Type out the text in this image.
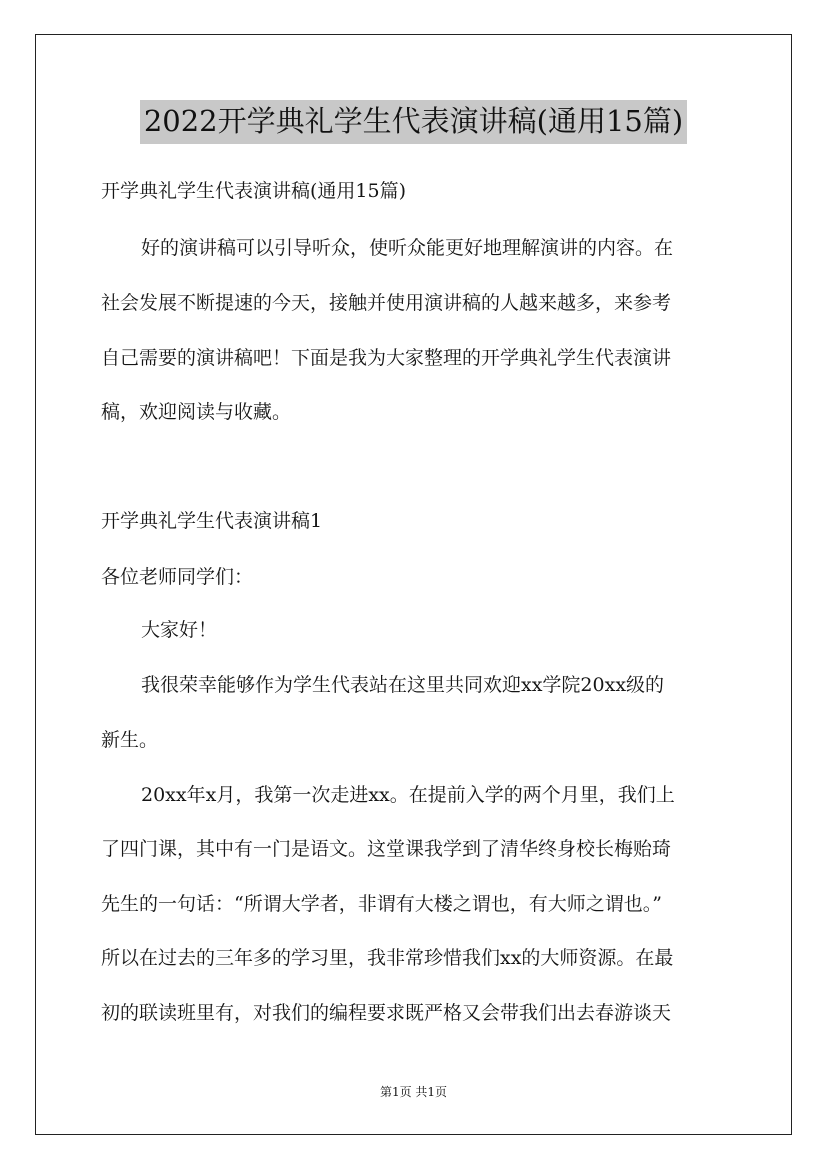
2022开学典礼学生代表演讲稿(通用15篇)
开学典礼学生代表演讲稿(通用15篇)
好的演讲稿可以引导听众，使听众能更好地理解演讲的内容。在
社会发展不断提速的今天，接触并使用演讲稿的人越来越多，来参考
自己需要的演讲稿吧！下面是我为大家整理的开学典礼学生代表演讲
稿，欢迎阅读与收藏。
开学典礼学生代表演讲稿1
各位老师同学们：
大家好！
我很荣幸能够作为学生代表站在这里共同欢迎xx学院20xx级的
新生。
20xx年x月，我第一次走进xx。在提前入学的两个月里，我们上
了四门课，其中有一门是语文。这堂课我学到了清华终身校长梅贻琦
先生的一句话：“所谓大学者，非谓有大楼之谓也，有大师之谓也。”
所以在过去的三年多的学习里，我非常珍惜我们xx的大师资源。在最
初的联读班里有，对我们的编程要求既严格又会带我们出去春游谈天
第1页 共1页
